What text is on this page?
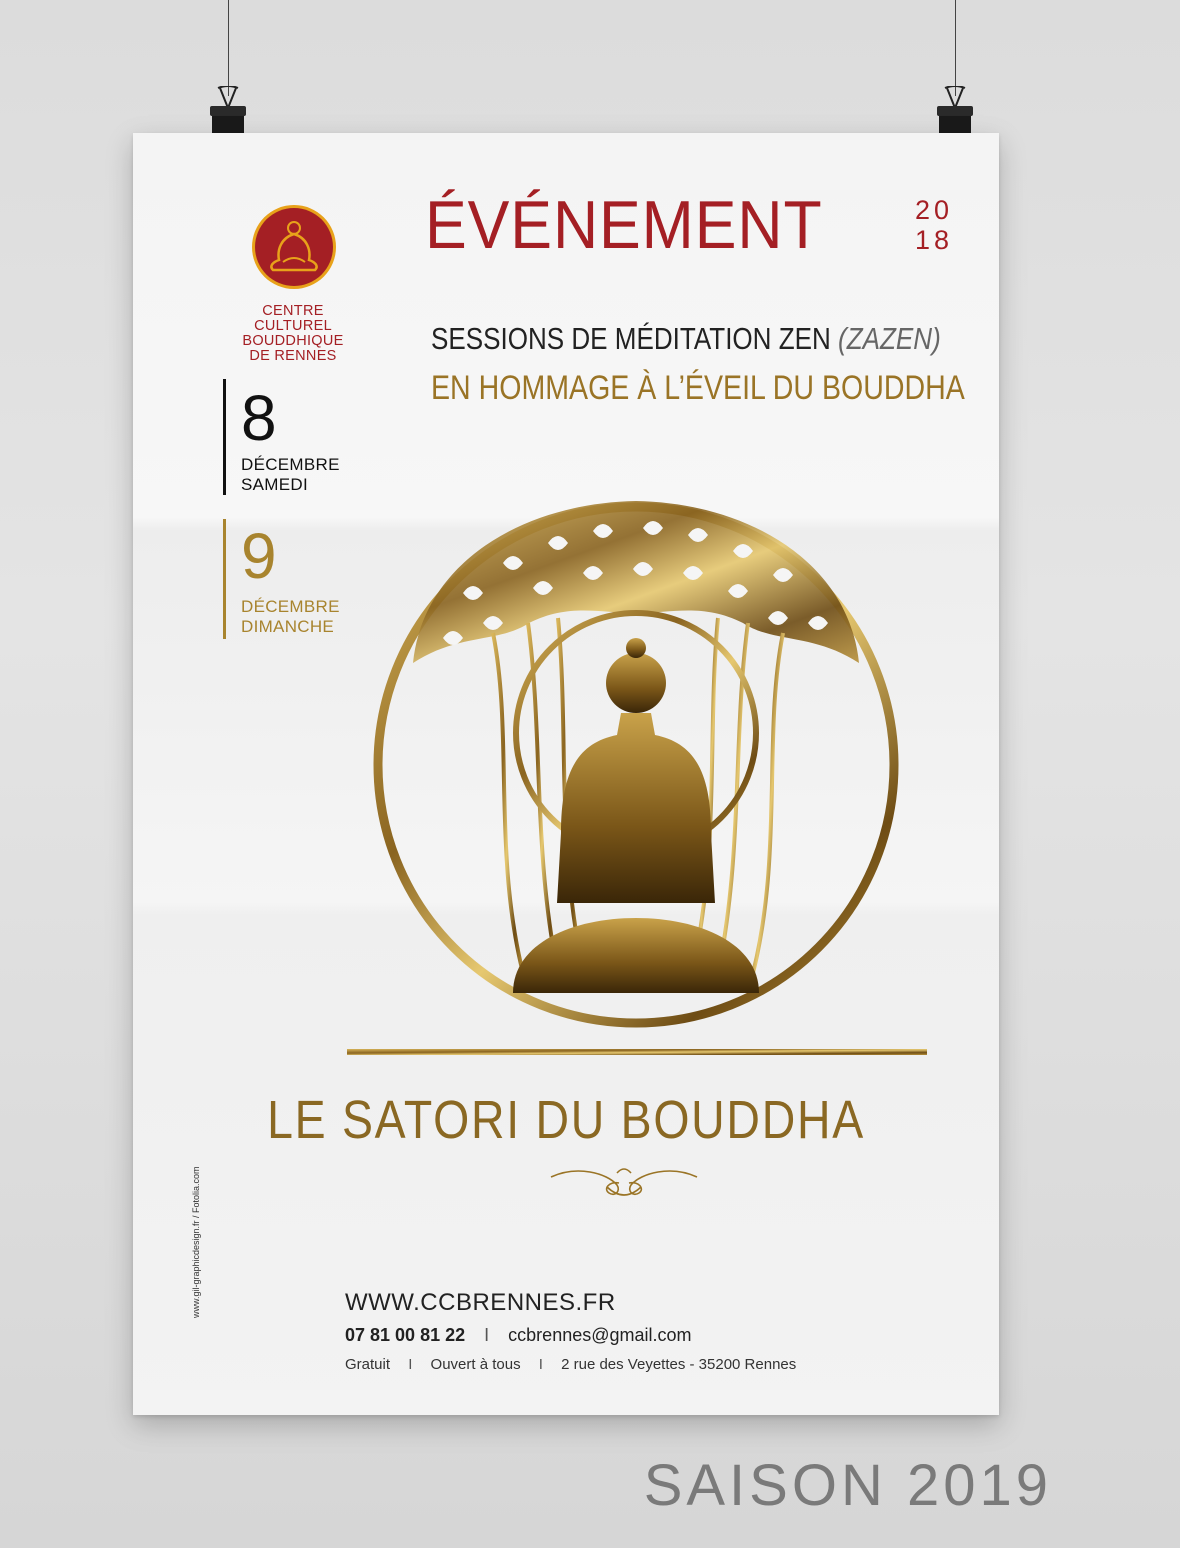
CENTRE CULTUREL
BOUDDHIQUE
DE RENNES
ÉVÉNEMENT	20
18
SESSIONS DE MÉDITATION ZEN (ZAZEN)
EN HOMMAGE À L’ÉVEIL DU BOUDDHA
8
DÉCEMBRE
SAMEDI
9
DÉCEMBRE
DIMANCHE
LE SATORI DU BOUDDHA
WWW.CCBRENNES.FR
07 81 00 81 22 I ccbrennes@gmail.com
Gratuit I Ouvert à tous I 2 rue des Veyettes - 35200 Rennes
www.gil-graphicdesign.fr / Fotolia.com
SAISON 2019
